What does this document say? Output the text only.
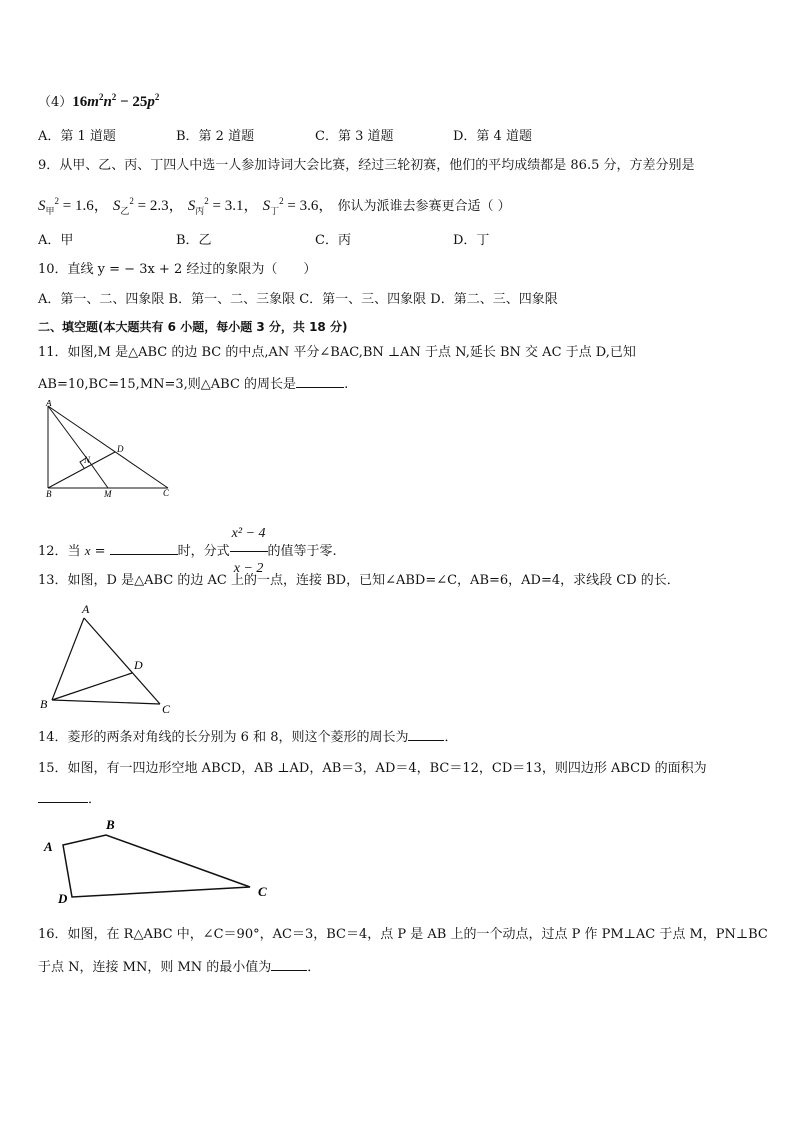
$(4)16m^2n^2 - 25p^2$
A．第 1 道题	B．第 2 道题	C．第 3 道题	D．第 4 道题
9．从甲、乙、丙、丁四人中选一人参加诗词大会比赛，经过三轮初赛，他们的平均成绩都是 86.5 分，方差分别是
$S_甲^2 = 1.6$， $S_乙^2 = 2.3$， $S_丙^2 = 3.1$， $S_丁^2 = 3.6$， 你认为派谁去参赛更合适（ ）
A．甲	B．乙	C．丙	D．丁
10．直线 y = − 3x + 2 经过的象限为（　　）
A．第一、二、四象限 B．第一、二、三象限 C．第一、三、四象限 D．第二、三、四象限
二、填空题(本大题共有 6 小题，每小题 3 分，共 18 分)
11．如图,M 是△ABC 的边 BC 的中点,AN 平分∠BAC,BN ⊥AN 于点 N,延长 BN 交 AC 于点 D,已知
AB=10,BC=15,MN=3,则△ABC 的周长是	.
A
B	C
D
M
N
12．当 x =	时，分式 $\frac{\text{x² − 4}}{x - 2}$ 的值等于零.
13．如图，D 是△ABC 的边 AC 上的一点，连接 BD，已知∠ABD=∠C，AB=6，AD=4，求线段 CD 的长．
A
B	C
D
14．菱形的两条对角线的长分别为 6 和 8，则这个菱形的周长为	．
15．如图，有一四边形空地 ABCD，AB ⊥AD，AB＝3，AD＝4，BC＝12，CD＝13，则四边形 ABCD 的面积为
．
A
B
C
D
16．如图，在 R△ABC 中，∠C＝90°，AC＝3，BC＝4，点 P 是 AB 上的一个动点，过点 P 作 PM⊥AC 于点 M，PN⊥BC
于点 N，连接 MN，则 MN 的最小值为	．
